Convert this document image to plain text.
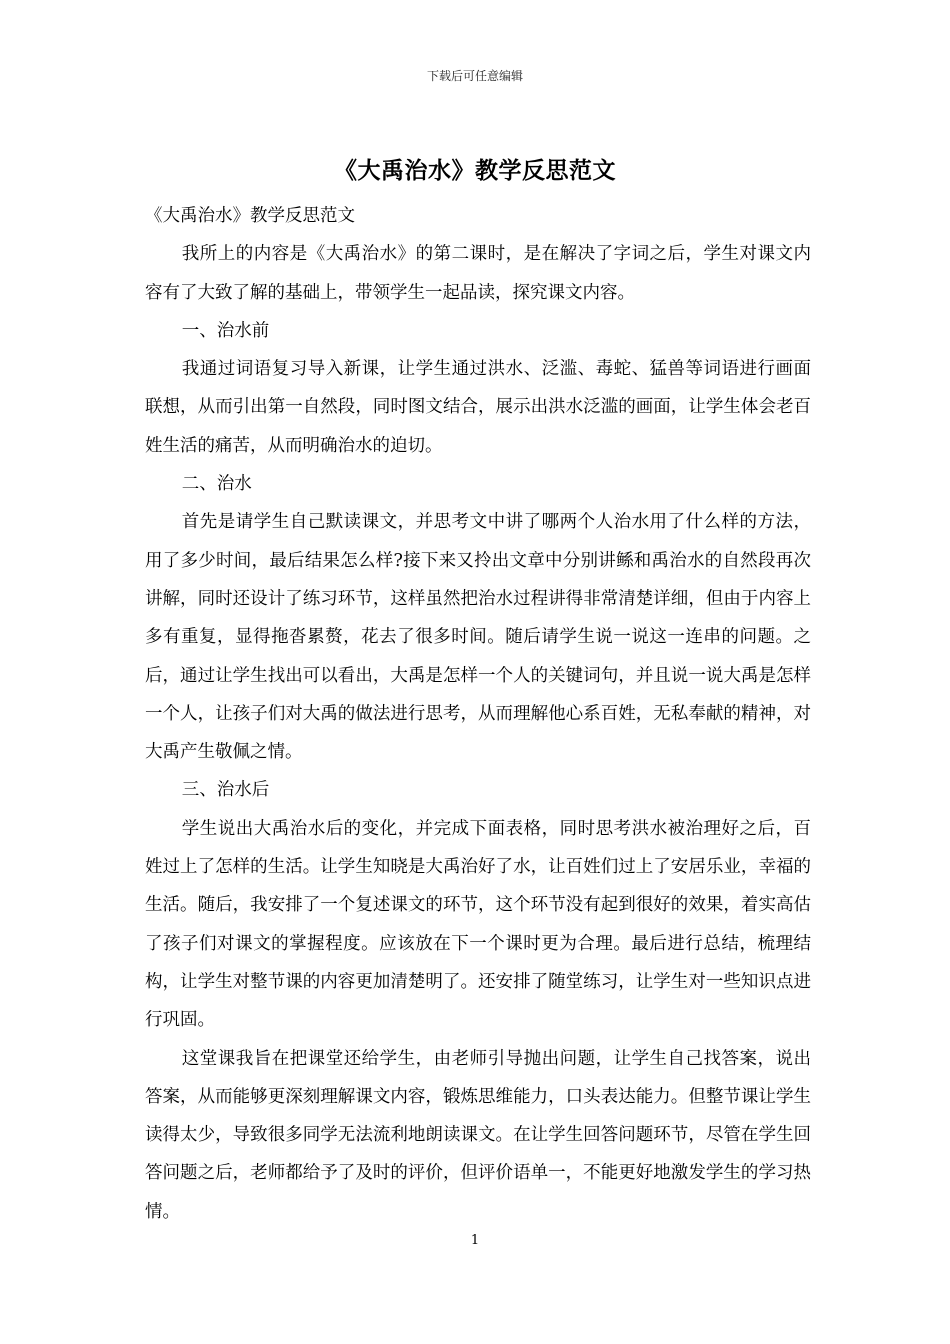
下载后可任意编辑
《大禹治水》教学反思范文

《大禹治水》教学反思范文

我所上的内容是《大禹治水》的第二课时，是在解决了字词之后，学生对课文内容有了大致了解的基础上，带领学生一起品读，探究课文内容。

一、治水前

我通过词语复习导入新课，让学生通过洪水、泛滥、毒蛇、猛兽等词语进行画面联想，从而引出第一自然段，同时图文结合，展示出洪水泛滥的画面，让学生体会老百姓生活的痛苦，从而明确治水的迫切。

二、治水

首先是请学生自己默读课文，并思考文中讲了哪两个人治水用了什么样的方法，用了多少时间，最后结果怎么样?接下来又拎出文章中分别讲鲧和禹治水的自然段再次讲解，同时还设计了练习环节，这样虽然把治水过程讲得非常清楚详细，但由于内容上多有重复，显得拖沓累赘，花去了很多时间。随后请学生说一说这一连串的问题。之后，通过让学生找出可以看出，大禹是怎样一个人的关键词句，并且说一说大禹是怎样一个人，让孩子们对大禹的做法进行思考，从而理解他心系百姓，无私奉献的精神，对大禹产生敬佩之情。

三、治水后

学生说出大禹治水后的变化，并完成下面表格，同时思考洪水被治理好之后，百姓过上了怎样的生活。让学生知晓是大禹治好了水，让百姓们过上了安居乐业，幸福的生活。随后，我安排了一个复述课文的环节，这个环节没有起到很好的效果，着实高估了孩子们对课文的掌握程度。应该放在下一个课时更为合理。最后进行总结，梳理结构，让学生对整节课的内容更加清楚明了。还安排了随堂练习，让学生对一些知识点进行巩固。

这堂课我旨在把课堂还给学生，由老师引导抛出问题，让学生自己找答案，说出答案，从而能够更深刻理解课文内容，锻炼思维能力，口头表达能力。但整节课让学生读得太少，导致很多同学无法流利地朗读课文。在让学生回答问题环节，尽管在学生回答问题之后，老师都给予了及时的评价，但评价语单一，不能更好地激发学生的学习热情。

1
